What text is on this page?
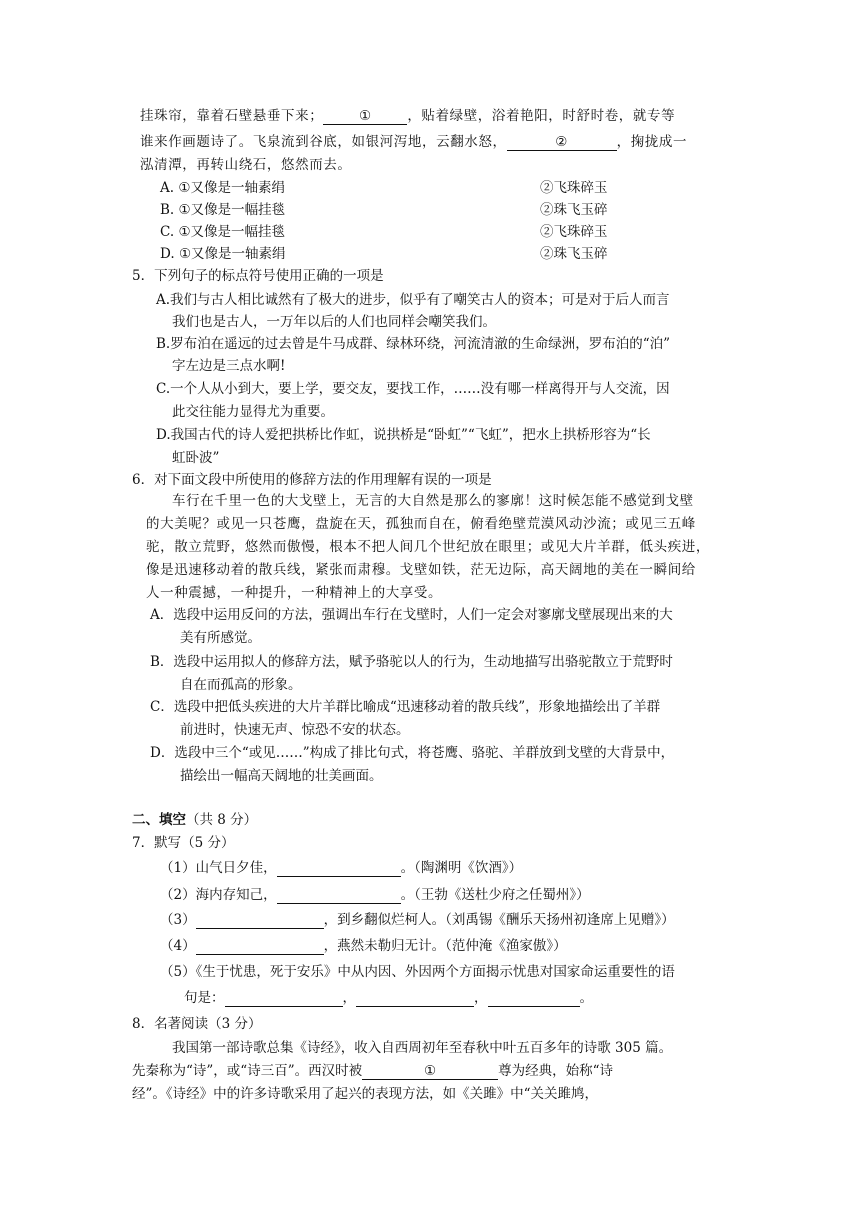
挂珠帘，靠着石壁悬垂下来；	①	，贴着绿壁，浴着艳阳，时舒时卷，就专等
谁来作画题诗了。飞泉流到谷底，如银河泻地，云翻水怒，	②	，掬拢成一
泓清潭，再转山绕石，悠然而去。
A. ①又像是一轴素绢	②飞珠碎玉
B. ①又像是一幅挂毯	②珠飞玉碎
C. ①又像是一幅挂毯	②飞珠碎玉
D. ①又像是一轴素绢	②珠飞玉碎
5．下列句子的标点符号使用正确的一项是
A.我们与古人相比诚然有了极大的进步，似乎有了嘲笑古人的资本；可是对于后人而言
我们也是古人，一万年以后的人们也同样会嘲笑我们。
B.罗布泊在遥远的过去曾是牛马成群、绿林环绕，河流清澈的生命绿洲，罗布泊的“泊”
字左边是三点水啊!
C.一个人从小到大，要上学，要交友，要找工作，……没有哪一样离得开与人交流，因
此交往能力显得尤为重要。
D.我国古代的诗人爱把拱桥比作虹，说拱桥是“卧虹”“飞虹”，把水上拱桥形容为“长
虹卧波”
6．对下面文段中所使用的修辞方法的作用理解有误的一项是
车行在千里一色的大戈壁上，无言的大自然是那么的寥廓！这时候怎能不感觉到戈壁
的大美呢？或见一只苍鹰，盘旋在天，孤独而自在，俯看绝壁荒漠风动沙流；或见三五峰
驼，散立荒野，悠然而傲慢，根本不把人间几个世纪放在眼里；或见大片羊群，低头疾进，
像是迅速移动着的散兵线，紧张而肃穆。戈壁如铁，茫无边际，高天阔地的美在一瞬间给
人一种震撼，一种提升，一种精神上的大享受。
A．选段中运用反问的方法，强调出车行在戈壁时，人们一定会对寥廓戈壁展现出来的大
美有所感觉。
B．选段中运用拟人的修辞方法，赋予骆驼以人的行为，生动地描写出骆驼散立于荒野时
自在而孤高的形象。
C．选段中把低头疾进的大片羊群比喻成“迅速移动着的散兵线”，形象地描绘出了羊群
前进时，快速无声、惊恐不安的状态。
D．选段中三个“或见……”构成了排比句式，将苍鹰、骆驼、羊群放到戈壁的大背景中，
描绘出一幅高天阔地的壮美画面。
二、填空（共 8 分）
7．默写（5 分）
（1）山气日夕佳，	。（陶渊明《饮酒》）
（2）海内存知己，	。（王勃《送杜少府之任蜀州》）
（3）	，到乡翻似烂柯人。（刘禹锡《酬乐天扬州初逢席上见赠》）
（4）	，燕然未勒归无计。（范仲淹《渔家傲》）
（5）《生于忧患，死于安乐》中从内因、外因两个方面揭示忧患对国家命运重要性的语
句是：	，	，	。
8．名著阅读（3 分）
我国第一部诗歌总集《诗经》，收入自西周初年至春秋中叶五百多年的诗歌 305 篇。
先秦称为“诗”，或“诗三百”。西汉时被	①	尊为经典，始称“诗
经”。《诗经》中的许多诗歌采用了起兴的表现方法，如《关雎》中“关关雎鸠，
